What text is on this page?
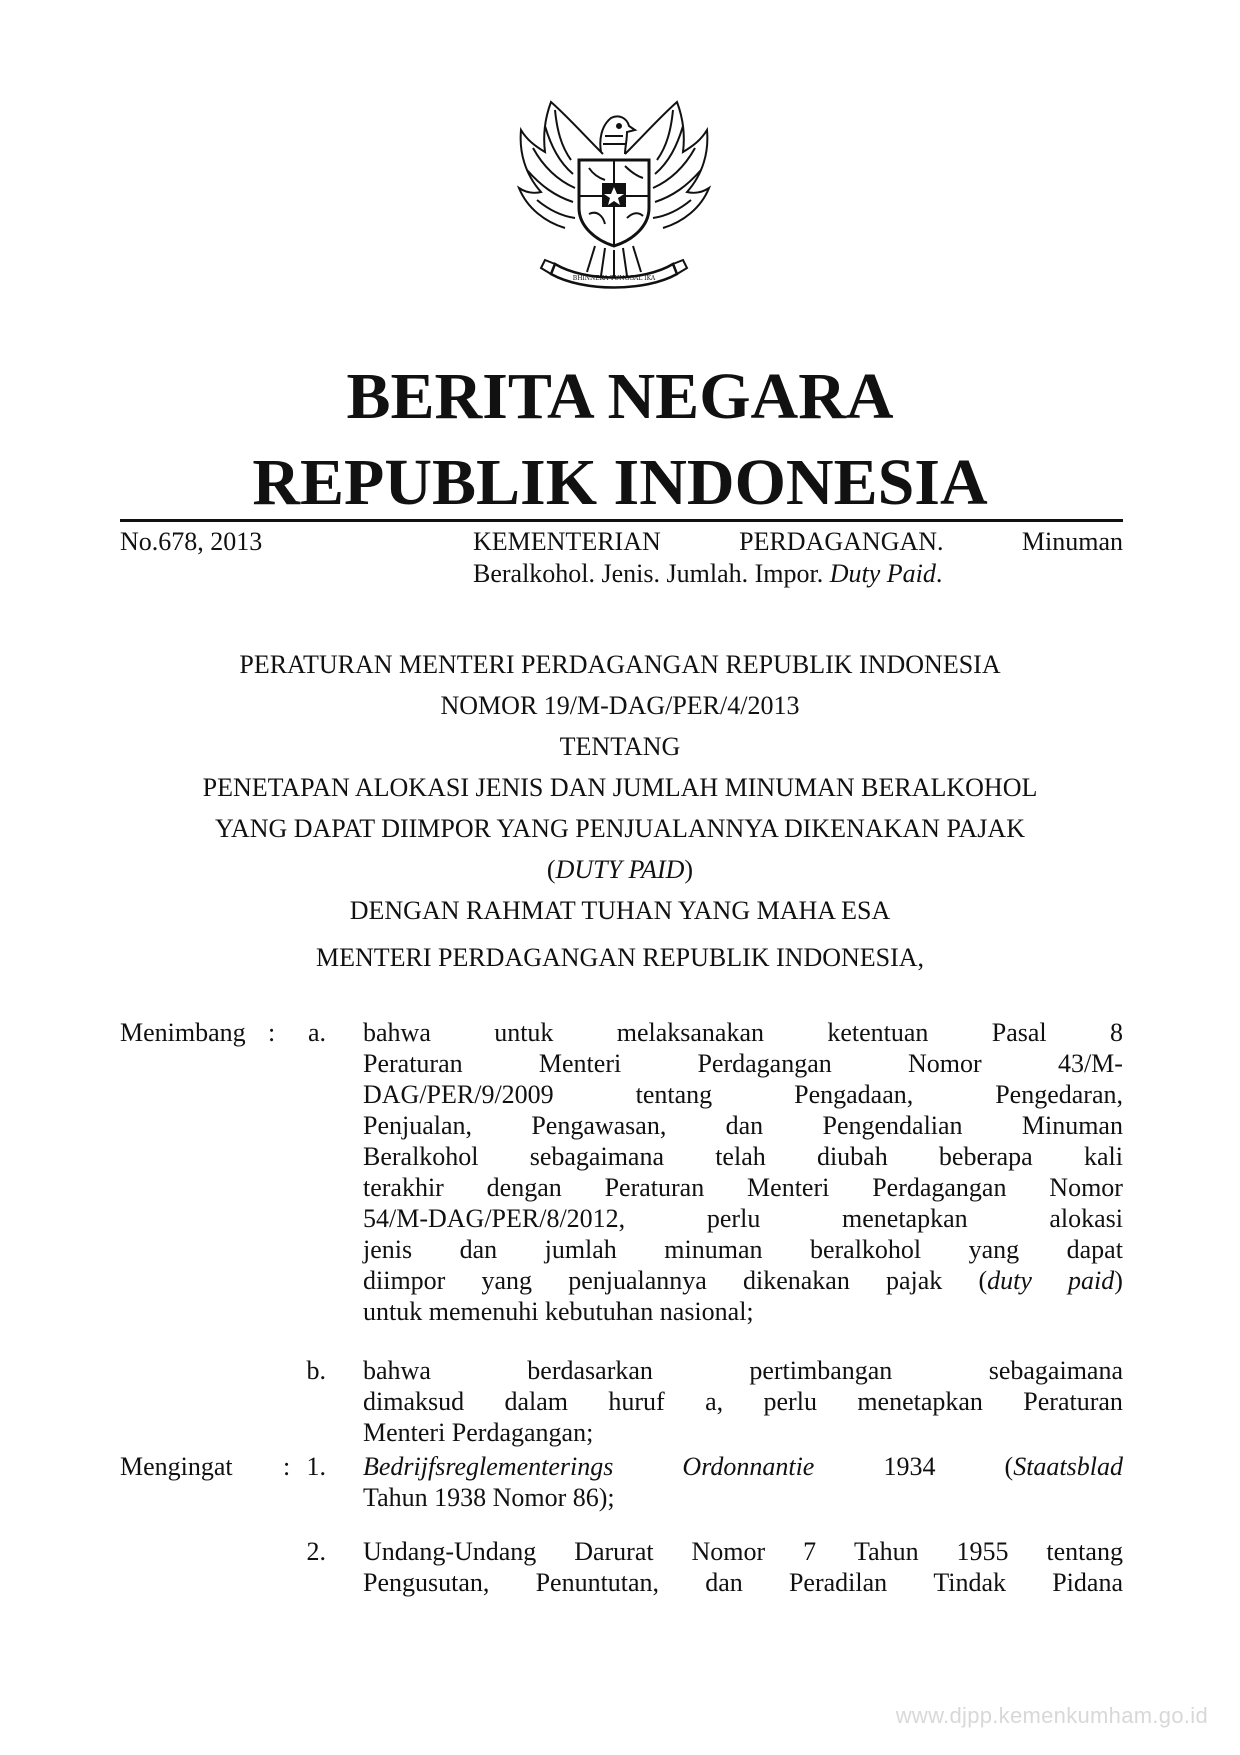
BHINNEKA TUNGGAL IKA
BERITA NEGARA
REPUBLIK INDONESIA
No.678, 2013	KEMENTERIAN	PERDAGANGAN.	Minuman
Beralkohol. Jenis. Jumlah. Impor. Duty Paid.
PERATURAN MENTERI PERDAGANGAN REPUBLIK INDONESIA
NOMOR 19/M-DAG/PER/4/2013
TENTANG
PENETAPAN ALOKASI JENIS DAN JUMLAH MINUMAN BERALKOHOL
YANG DAPAT DIIMPOR YANG PENJUALANNYA DIKENAKAN PAJAK
(DUTY PAID)
DENGAN RAHMAT TUHAN YANG MAHA ESA
MENTERI PERDAGANGAN REPUBLIK INDONESIA,
Menimbang :	a. bahwa untuk melaksanakan ketentuan Pasal 8
Peraturan	Menteri	Perdagangan	Nomor	43/M-
DAG/PER/9/2009	tentang	Pengadaan,	Pengedaran,
Penjualan, Pengawasan, dan Pengendalian Minuman
Beralkohol sebagaimana telah diubah beberapa kali
terakhir dengan Peraturan Menteri Perdagangan Nomor
54/M-DAG/PER/8/2012,	perlu	menetapkan	alokasi
jenis dan jumlah minuman beralkohol yang dapat
diimpor yang penjualannya dikenakan pajak (duty paid)
untuk memenuhi kebutuhan nasional;
b. bahwa	berdasarkan	pertimbangan	sebagaimana
dimaksud dalam huruf a, perlu menetapkan Peraturan
Menteri Perdagangan;
Mengingat : 1. Bedrijfsreglementerings	Ordonnantie	1934	(Staatsblad
Tahun 1938 Nomor 86);
2. Undang-Undang Darurat Nomor 7 Tahun 1955 tentang
Pengusutan, Penuntutan, dan Peradilan Tindak Pidana
www.djpp.kemenkumham.go.id
